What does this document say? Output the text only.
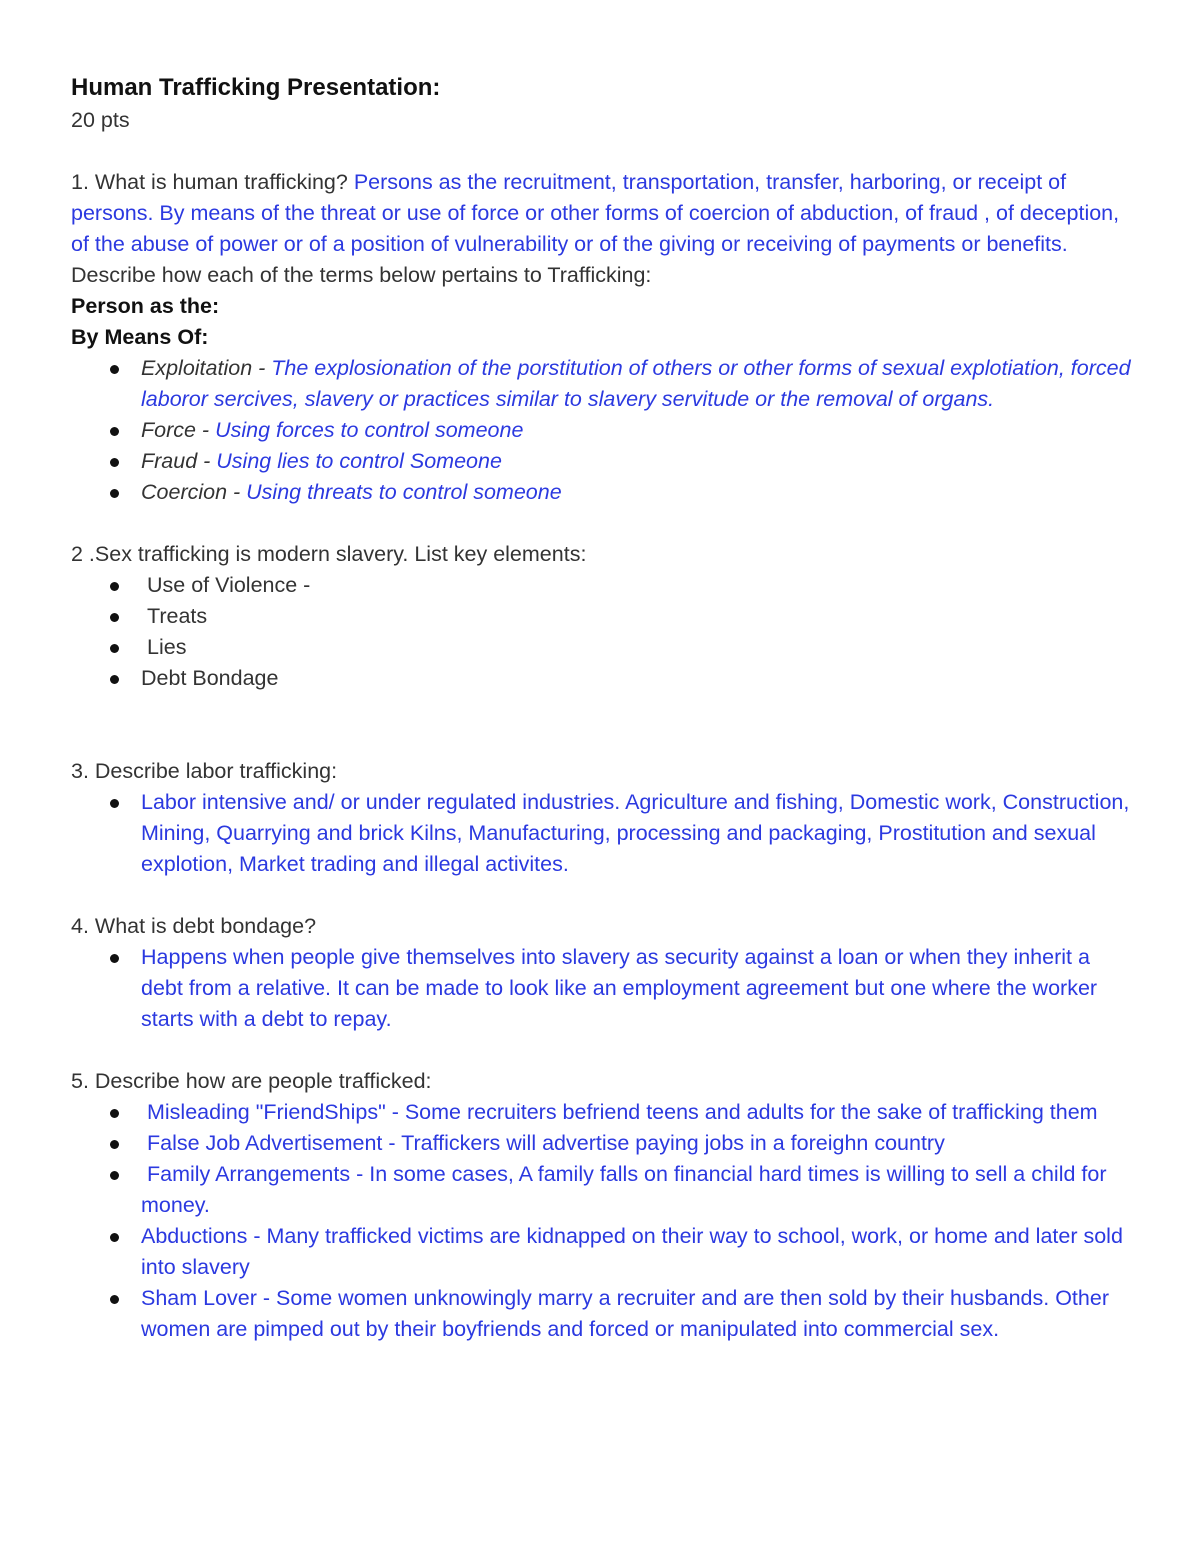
Human Trafficking Presentation:

20 pts

1. What is human trafficking? Persons as the recruitment, transportation, transfer, harboring, or receipt of persons. By means of the threat or use of force or other forms of coercion of abduction, of fraud , of deception, of the abuse of power or of a position of vulnerability or of the giving or receiving of payments or benefits. Describe how each of the terms below pertains to Trafficking:

Person as the:

By Means Of:

Exploitation - The explosionation of the porstitution of others or other forms of sexual explotiation, forced laboror sercives, slavery or practices similar to slavery servitude or the removal of organs.
Force - Using forces to control someone
Fraud - Using lies to control Someone
Coercion - Using threats to control someone

2 .Sex trafficking is modern slavery. List key elements:

Use of Violence -
Treats
Lies
Debt Bondage

3. Describe labor trafficking:

Labor intensive and/ or under regulated industries. Agriculture and fishing, Domestic work, Construction, Mining, Quarrying and brick Kilns, Manufacturing, processing and packaging, Prostitution and sexual explotion, Market trading and illegal activites.

4. What is debt bondage?

Happens when people give themselves into slavery as security against a loan or when they inherit a debt from a relative. It can be made to look like an employment agreement but one where the worker starts with a debt to repay.

5. Describe how are people trafficked:

Misleading "FriendShips" - Some recruiters befriend teens and adults for the sake of trafficking them
False Job Advertisement - Traffickers will advertise paying jobs in a foreighn country
Family Arrangements - In some cases, A family falls on financial hard times is willing to sell a child for money.
Abductions - Many trafficked victims are kidnapped on their way to school, work, or home and later sold into slavery
Sham Lover - Some women unknowingly marry a recruiter and are then sold by their husbands. Other women are pimped out by their boyfriends and forced or manipulated into commercial sex.
